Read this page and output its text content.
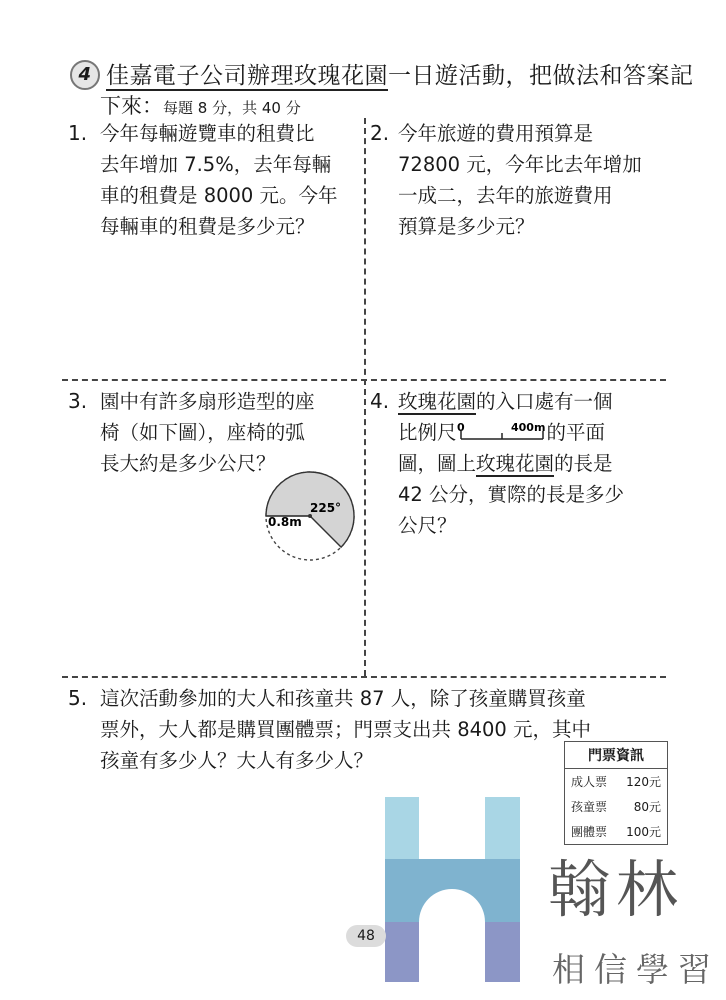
4 佳嘉電子公司辦理玫瑰花園一日遊活動，把做法和答案記
下來：每題 8 分，共 40 分
1. 今年每輛遊覽車的租費比
去年增加 7.5%，去年每輛
車的租費是 8000 元。今年
每輛車的租費是多少元？
2. 今年旅遊的費用預算是
72800 元，今年比去年增加
一成二，去年的旅遊費用
預算是多少元？
3. 園中有許多扇形造型的座
椅（如下圖），座椅的弧
長大約是多少公尺？
0.8m
225°
4. 玫瑰花園的入口處有一個
比例尺 0	400m 的平面
圖，圖上玫瑰花園的長是
42 公分，實際的長是多少
公尺？
5. 這次活動參加的大人和孩童共 87 人，除了孩童購買孩童
票外，大人都是購買團體票；門票支出共 8400 元，其中
孩童有多少人？大人有多少人？	門票資訊
成人票 120元
孩童票 80元
團體票 100元
48
翰林
相信學習
